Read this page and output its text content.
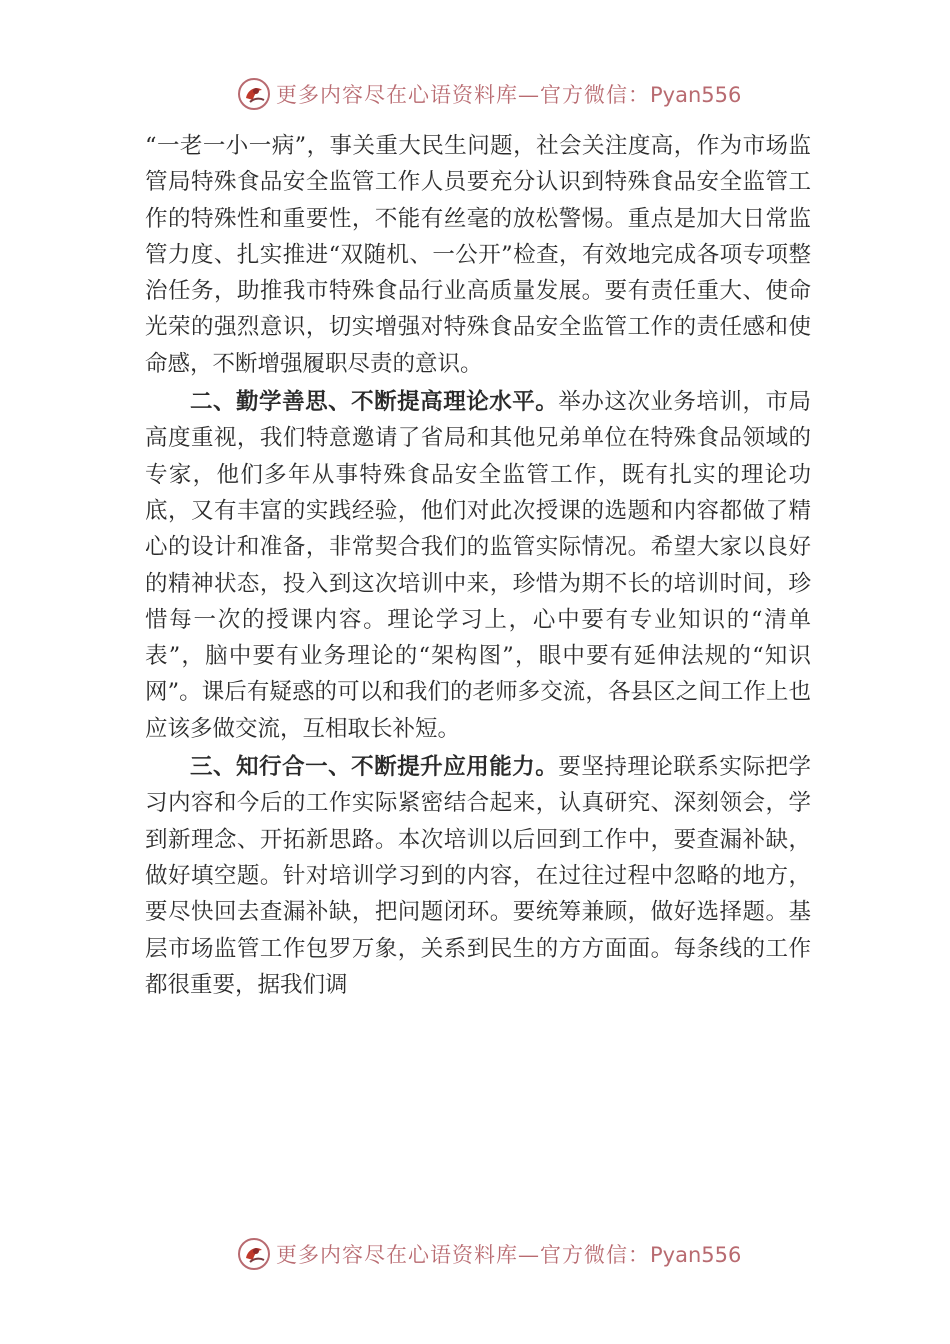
更多内容尽在心语资料库—官方微信：Pyan556

“一老一小一病”，事关重大民生问题，社会关注度高，作为市场监管局特殊食品安全监管工作人员要充分认识到特殊食品安全监管工作的特殊性和重要性，不能有丝毫的放松警惕。重点是加大日常监管力度、扎实推进“双随机、一公开”检查，有效地完成各项专项整治任务，助推我市特殊食品行业高质量发展。要有责任重大、使命光荣的强烈意识，切实增强对特殊食品安全监管工作的责任感和使命感，不断增强履职尽责的意识。

二、勤学善思、不断提高理论水平。举办这次业务培训，市局高度重视，我们特意邀请了省局和其他兄弟单位在特殊食品领域的专家，他们多年从事特殊食品安全监管工作，既有扎实的理论功底，又有丰富的实践经验，他们对此次授课的选题和内容都做了精心的设计和准备，非常契合我们的监管实际情况。希望大家以良好的精神状态，投入到这次培训中来，珍惜为期不长的培训时间，珍惜每一次的授课内容。理论学习上，心中要有专业知识的“清单表”，脑中要有业务理论的“架构图”，眼中要有延伸法规的“知识网”。课后有疑惑的可以和我们的老师多交流，各县区之间工作上也应该多做交流，互相取长补短。

三、知行合一、不断提升应用能力。要坚持理论联系实际把学习内容和今后的工作实际紧密结合起来，认真研究、深刻领会，学到新理念、开拓新思路。本次培训以后回到工作中，要查漏补缺，做好填空题。针对培训学习到的内容，在过往过程中忽略的地方，要尽快回去查漏补缺，把问题闭环。要统筹兼顾，做好选择题。基层市场监管工作包罗万象，关系到民生的方方面面。每条线的工作都很重要，据我们调

更多内容尽在心语资料库—官方微信：Pyan556
